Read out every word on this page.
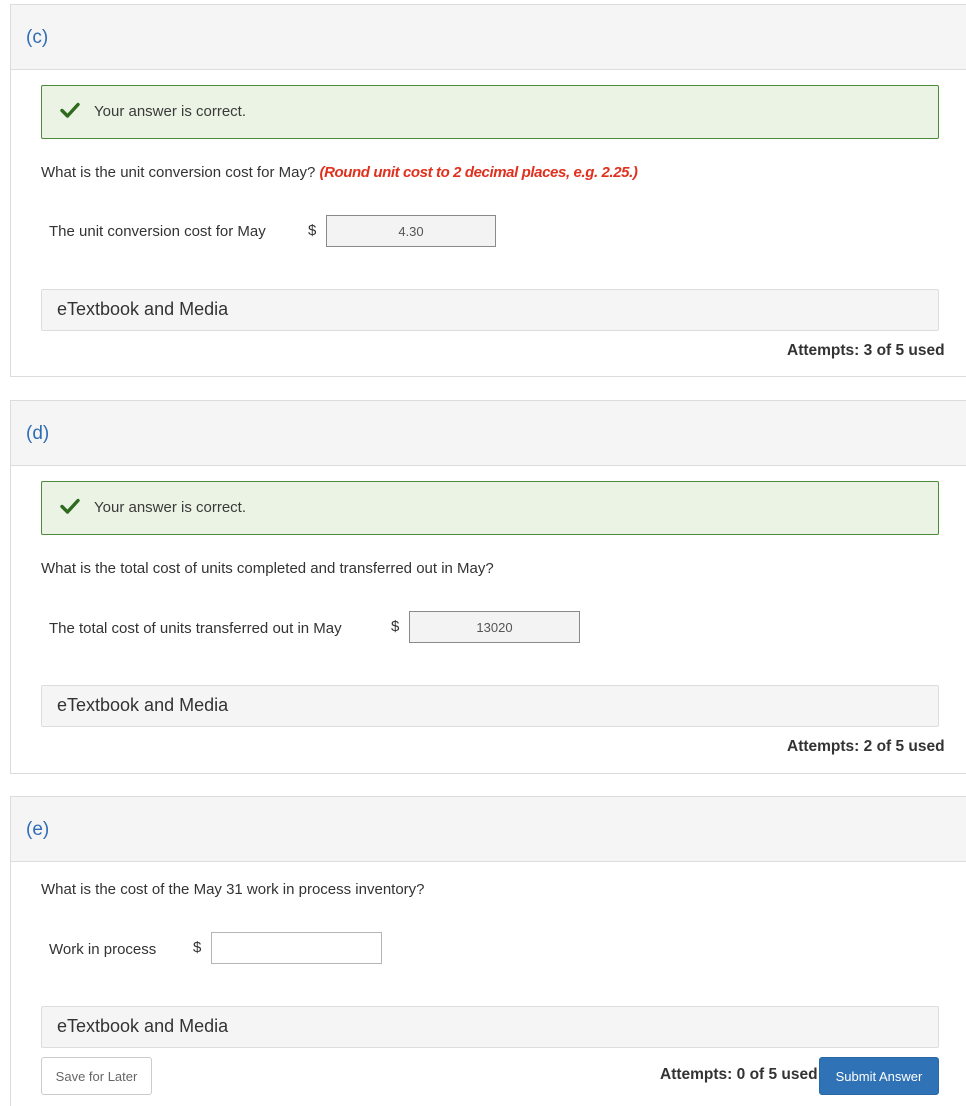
(c)
Your answer is correct.
What is the unit conversion cost for May? (Round unit cost to 2 decimal places, e.g. 2.25.)
The unit conversion cost for May	$
4.30
eTextbook and Media
Attempts: 3 of 5 used
(d)
Your answer is correct.
What is the total cost of units completed and transferred out in May?
The total cost of units transferred out in May	$
13020
eTextbook and Media
Attempts: 2 of 5 used
(e)
What is the cost of the May 31 work in process inventory?
Work in process $
eTextbook and Media
Save for Later	Attempts: 0 of 5 used	Submit Answer
